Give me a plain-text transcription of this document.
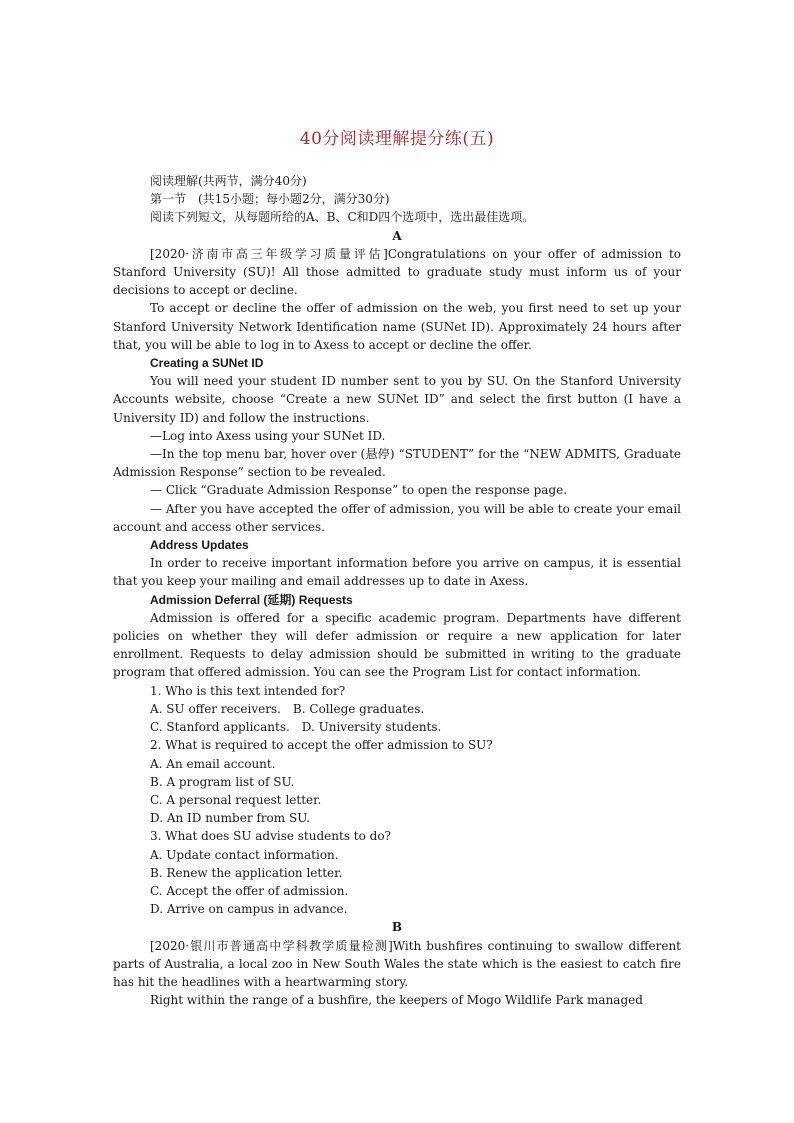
40分阅读理解提分练(五)

阅读理解(共两节，满分40分)

第一节　(共15小题；每小题2分，满分30分)

阅读下列短文，从每题所给的A、B、C和D四个选项中，选出最佳选项。

A

[2020·济南市高三年级学习质量评估]Congratulations on your offer of admission to Stanford University (SU)! All those admitted to graduate study must inform us of your decisions to accept or decline.

To accept or decline the offer of admission on the web, you first need to set up your Stanford University Network Identification name (SUNet ID). Approximately 24 hours after that, you will be able to log in to Axess to accept or decline the offer.

Creating a SUNet ID

You will need your student ID number sent to you by SU. On the Stanford University Accounts website, choose “Create a new SUNet ID” and select the first button (I have a University ID) and follow the instructions.

—Log into Axess using your SUNet ID.

—In the top menu bar, hover over (悬停) “STUDENT” for the “NEW ADMITS, Graduate Admission Response” section to be revealed.

— Click “Graduate Admission Response” to open the response page.

— After you have accepted the offer of admission, you will be able to create your email account and access other services.

Address Updates

In order to receive important information before you arrive on campus, it is essential that you keep your mailing and email addresses up to date in Axess.

Admission Deferral (延期) Requests

Admission is offered for a specific academic program. Departments have different policies on whether they will defer admission or require a new application for later enrollment. Requests to delay admission should be submitted in writing to the graduate program that offered admission. You can see the Program List for contact information.

1. Who is this text intended for?

A. SU offer receivers.　B. College graduates.

C. Stanford applicants.　D. University students.

2. What is required to accept the offer admission to SU?

A. An email account.

B. A program list of SU.

C. A personal request letter.

D. An ID number from SU.

3. What does SU advise students to do?

A. Update contact information.

B. Renew the application letter.

C. Accept the offer of admission.

D. Arrive on campus in advance.

B

[2020·银川市普通高中学科教学质量检测]With bushfires continuing to swallow different parts of Australia, a local zoo in New South Wales the state which is the easiest to catch fire has hit the headlines with a heartwarming story.

Right within the range of a bushfire, the keepers of Mogo Wildlife Park managed
